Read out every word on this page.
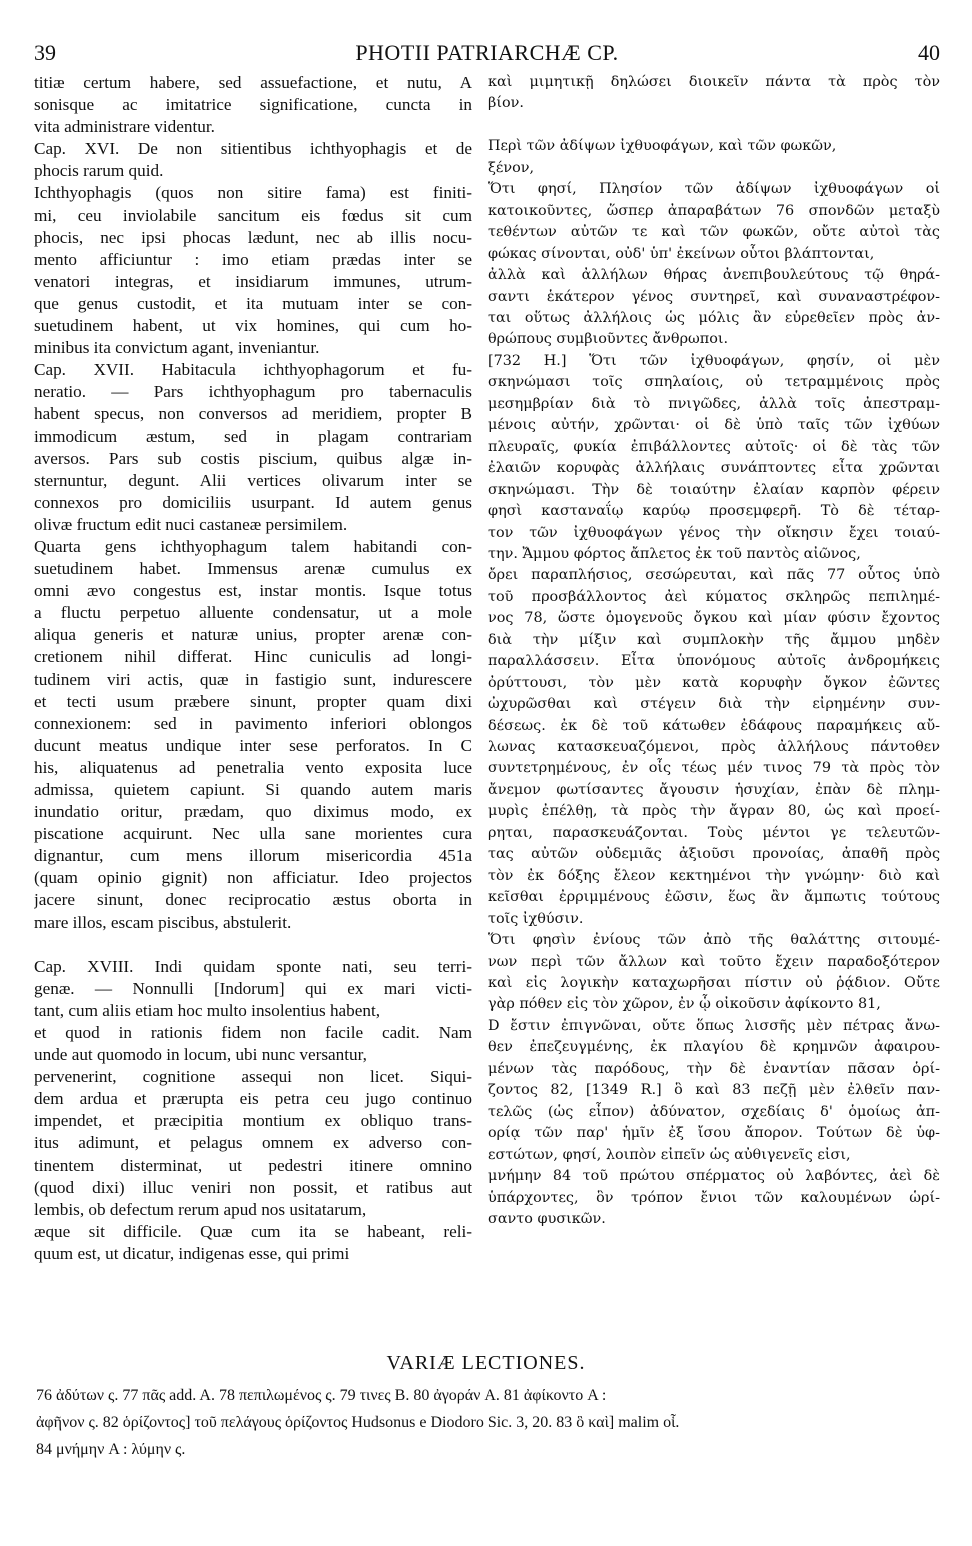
39	PHOTII PATRIARCHÆ CP.	40
titiæ certum habere, sed assuefactione, et nutu, A
sonisque ac imitatrice significatione, cuncta in
vita administrare videntur.
Cap. XVI. De non sitientibus ichthyophagis et de
phocis rarum quid.
Ichthyophagis (quos non sitire fama) est finiti-
mi, ceu inviolabile sancitum eis fœdus sit cum
phocis, nec ipsi phocas lædunt, nec ab illis nocu-
mento afficiuntur : imo etiam prædas inter se
venatori integras, et insidiarum immunes, utrum-
que genus custodit, et ita mutuam inter se con-
suetudinem habent, ut vix homines, qui cum ho-
minibus ita convictum agant, inveniantur.
Cap. XVII. Habitacula ichthyophagorum et fu-
neratio. — Pars ichthyophagum pro tabernaculis
habent specus, non conversos ad meridiem, propter B
immodicum æstum, sed in plagam contrariam
aversos. Pars sub costis piscium, quibus algæ in-
sternuntur, degunt. Alii vertices olivarum inter se
connexos pro domiciliis usurpant. Id autem genus
olivæ fructum edit nuci castaneæ persimilem.
Quarta gens ichthyophagum talem habitandi con-
suetudinem habet. Immensus arenæ cumulus ex
omni ævo congestus est, instar montis. Isque totus
a fluctu perpetuo alluente condensatur, ut a mole
aliqua generis et naturæ unius, propter arenæ con-
cretionem nihil differat. Hinc cuniculis ad longi-
tudinem viri actis, quæ in fastigio sunt, indurescere
et tecti usum præbere sinunt, propter quam dixi
connexionem: sed in pavimento inferiori oblongos
ducunt meatus undique inter sese perforatos. In C
his, aliquatenus ad penetralia vento exposita luce
admissa, quietem capiunt. Si quando autem maris
inundatio oritur, prædam, quo diximus modo, ex
piscatione acquirunt. Nec ulla sane morientes cura
dignantur, cum mens illorum misericordia 451a
(quam opinio gignit) non afficiatur. Ideo projectos
jacere sinunt, donec reciprocatio æstus oborta in
mare illos, escam piscibus, abstulerit.
Cap. XVIII. Indi quidam sponte nati, seu terri-
genæ. — Nonnulli [Indorum] qui ex mari victi-
tant, cum aliis etiam hoc multo insolentius habent,
et quod in rationis fidem non facile cadit. Nam
unde aut quomodo in locum, ubi nunc versantur,
pervenerint, cognitione assequi non licet. Siqui-
dem ardua et prærupta eis petra ceu jugo continuo
impendet, et præcipitia montium ex obliquo trans-
itus adimunt, et pelagus omnem ex adverso con-
tinentem disterminat, ut pedestri itinere omnino
(quod dixi) illuc veniri non possit, et ratibus aut
lembis, ob defectum rerum apud nos usitatarum,
æque sit difficile. Quæ cum ita se habeant, reli-
quum est, ut dicatur, indigenas esse, qui primi
καὶ μιμητικῇ δηλώσει διοικεῖν πάντα τὰ πρὸς τὸν
βίον.
Περὶ τῶν ἀδίψων ἰχθυοφάγων, καὶ τῶν φωκῶν,
ξένον,
Ὅτι φησί, Πλησίον τῶν ἀδίψων ἰχθυοφάγων οἱ
κατοικοῦντες, ὥσπερ ἀπαραβάτων 76 σπονδῶν μεταξὺ
τεθέντων αὐτῶν τε καὶ τῶν φωκῶν, οὔτε αὐτοὶ τὰς
φώκας σίνονται, οὐδ' ὑπ' ἐκείνων οὗτοι βλάπτονται,
ἀλλὰ καὶ ἀλλήλων θήρας ἀνεπιβουλεύτους τῷ θηρά-
σαντι ἑκάτερον γένος συντηρεῖ, καὶ συναναστρέφον-
ται οὕτως ἀλλήλοις ὡς μόλις ἂν εὑρεθεῖεν πρὸς ἀν-
θρώπους συμβιοῦντες ἄνθρωποι.
[732 H.] Ὅτι τῶν ἰχθυοφάγων, φησίν, οἱ μὲν
σκηνώμασι τοῖς σπηλαίοις, οὐ τετραμμένοις πρὸς
μεσημβρίαν διὰ τὸ πνιγῶδες, ἀλλὰ τοῖς ἀπεστραμ-
μένοις αὐτήν, χρῶνται· οἱ δὲ ὑπὸ ταῖς τῶν ἰχθύων
πλευραῖς, φυκία ἐπιβάλλοντες αὐτοῖς· οἱ δὲ τὰς τῶν
ἐλαιῶν κορυφὰς ἀλλήλαις συνάπτοντες εἶτα χρῶνται
σκηνώμασι. Τὴν δὲ τοιαύτην ἐλαίαν καρπὸν φέρειν
φησὶ κασταναΐῳ καρύῳ προσεμφερῆ. Τὸ δὲ τέταρ-
τον τῶν ἰχθυοφάγων γένος τὴν οἴκησιν ἔχει τοιαύ-
την. Ἄμμου φόρτος ἄπλετος ἐκ τοῦ παντὸς αἰῶνος,
ὄρει παραπλήσιος, σεσώρευται, καὶ πᾶς 77 οὗτος ὑπὸ
τοῦ προσβάλλοντος ἀεὶ κύματος σκληρῶς πεπιλημέ-
νος 78, ὥστε ὁμογενοῦς ὄγκου καὶ μίαν φύσιν ἔχοντος
διὰ τὴν μίξιν καὶ συμπλοκὴν τῆς ἄμμου μηδὲν
παραλλάσσειν. Εἶτα ὑπονόμους αὐτοῖς ἀνδρομήκεις
ὀρύττουσι, τὸν μὲν κατὰ κορυφὴν ὄγκον ἐῶντες
ὠχυρῶσθαι καὶ στέγειν διὰ τὴν εἰρημένην συν-
δέσεως. ἐκ δὲ τοῦ κάτωθεν ἐδάφους παραμήκεις αὔ-
λωνας κατασκευαζόμενοι, πρὸς ἀλλήλους πάντοθεν
συντετρημένους, ἐν οἷς τέως μέν τινος 79 τὰ πρὸς τὸν
ἄνεμον φωτίσαντες ἄγουσιν ἡσυχίαν, ἐπὰν δὲ πλημ-
μυρὶς ἐπέλθῃ, τὰ πρὸς τὴν ἄγραν 80, ὡς καὶ προεί-
ρηται, παρασκευάζονται. Τοὺς μέντοι γε τελευτῶν-
τας αὐτῶν οὐδεμιᾶς ἀξιοῦσι προνοίας, ἀπαθῆ πρὸς
τὸν ἐκ δόξης ἔλεον κεκτημένοι τὴν γνώμην· διὸ καὶ
κεῖσθαι ἐρριμμένους ἐῶσιν, ἕως ἂν ἄμπωτις τούτους
τοῖς ἰχθύσιν.
Ὅτι φησὶν ἐνίους τῶν ἀπὸ τῆς θαλάττης σιτουμέ-
νων περὶ τῶν ἄλλων καὶ τοῦτο ἔχειν παραδοξότερον
καὶ εἰς λογικὴν καταχωρῆσαι πίστιν οὐ ῥᾴδιον. Οὔτε
γὰρ πόθεν εἰς τὸν χῶρον, ἐν ᾧ οἰκοῦσιν ἀφίκοντο 81,
D ἔστιν ἐπιγνῶναι, οὔτε ὅπως λισσῆς μὲν πέτρας ἄνω-
θεν ἐπεζευγμένης, ἐκ πλαγίου δὲ κρημνῶν ἀφαιρου-
μένων τὰς παρόδους, τὴν δὲ ἐναντίαν πᾶσαν ὁρί-
ζοντος 82, [1349 R.] ὃ καὶ 83 πεζῇ μὲν ἐλθεῖν παν-
τελῶς (ὡς εἶπον) ἀδύνατον, σχεδίαις δ' ὁμοίως ἀπ-
ορίᾳ τῶν παρ' ἡμῖν ἐξ ἴσου ἄπορον. Τούτων δὲ ὑφ-
εστώτων, φησί, λοιπὸν εἰπεῖν ὡς αὐθιγενεῖς εἰσι,
μνήμην 84 τοῦ πρώτου σπέρματος οὐ λαβόντες, ἀεὶ δὲ
ὑπάρχοντες, ὃν τρόπον ἔνιοι τῶν καλουμένων ὡρί-
σαντο φυσικῶν.
VARIÆ LECTIONES.
76 ἀδύτων ς. 77 πᾶς add. A. 78 πεπιλωμένος ς. 79 τινες B. 80 ἀγοράν A. 81 ἀφίκοντο A :
ἀφῆνον ς. 82 ὁρίζοντος] τοῦ πελάγους ὁρίζοντος Hudsonus e Diodoro Sic. 3, 20. 83 ὃ καὶ] malim οἷ.
84 μνήμην A : λύμην ς.
